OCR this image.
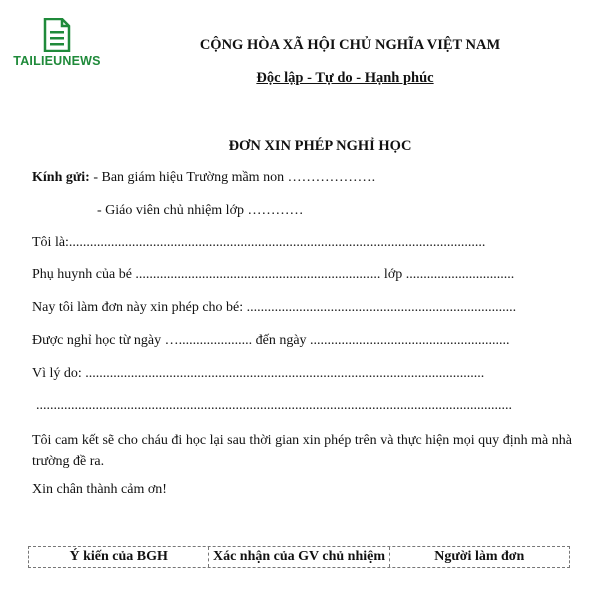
TAILIEUNEWS
CỘNG HÒA XÃ HỘI CHỦ NGHĨA VIỆT NAM
Độc lập - Tự do - Hạnh phúc
ĐƠN XIN PHÉP NGHỈ HỌC
Kính gửi: - Ban giám hiệu Trường mầm non ……………….
- Giáo viên chủ nhiệm lớp …………
Tôi là:.......................................................................................................................
Phụ huynh của bé ...................................................................... lớp ...............................
Nay tôi làm đơn này xin phép cho bé: .............................................................................
Được nghỉ học từ ngày …..................... đến ngày .........................................................
Vì lý do: ..................................................................................................................
........................................................................................................................................
Tôi cam kết sẽ cho cháu đi học lại sau thời gian xin phép trên và thực hiện mọi quy định mà nhà trường đề ra.
Xin chân thành cảm ơn!
Ý kiến của BGH	Xác nhận của GV chủ nhiệm	Người làm đơn
